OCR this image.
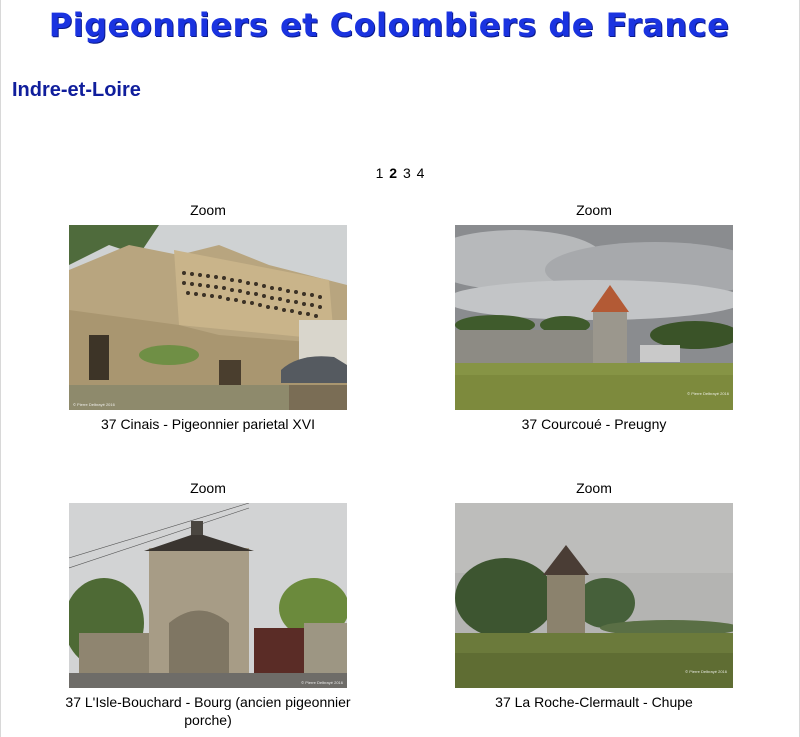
Pigeonniers et Colombiers de France
Indre-et-Loire
1 2 3 4
Zoom
© Pierre Delbrayé 2016
37 Cinais - Pigeonnier parietal XVI
Zoom
© Pierre Delbrayé 2016
37 Courcoué - Preugny
Zoom
© Pierre Delbrayé 2016
37 L'Isle-Bouchard - Bourg (ancien pigeonnier porche)
Zoom
© Pierre Delbrayé 2016
37 La Roche-Clermault - Chupe
